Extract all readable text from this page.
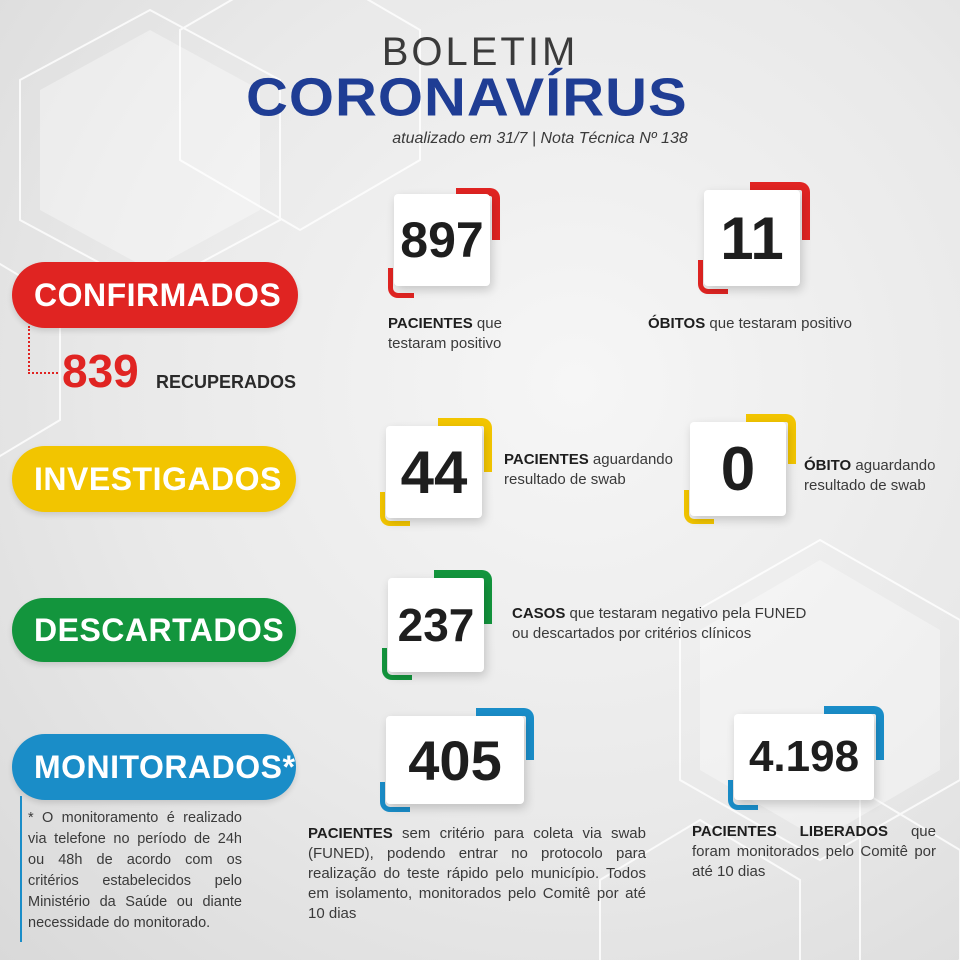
BOLETIM
CORONAVÍRUS
atualizado em 31/7 | Nota Técnica Nº 138
CONFIRMADOS
839 RECUPERADOS
897
PACIENTES que
testaram positivo
11
ÓBITOS que testaram positivo
INVESTIGADOS 44	PACIENTES aguardando
resultado de swab	0	ÓBITO aguardando
resultado de swab
DESCARTADOS 237	CASOS que testaram negativo pela FUNED
ou descartados por critérios clínicos
MONITORADOS*
* O monitoramento é realizado via telefone no período de 24h ou 48h de acordo com os critérios estabelecidos pelo Ministério da Saúde ou diante necessidade do monitorado.
405
PACIENTES sem critério para coleta via swab (FUNED), podendo entrar no protocolo para realização do teste rápido pelo município. Todos em isolamento, monitorados pelo Comitê por até 10 dias
4.198
PACIENTES LIBERADOS que foram monitorados pelo Comitê por até 10 dias
